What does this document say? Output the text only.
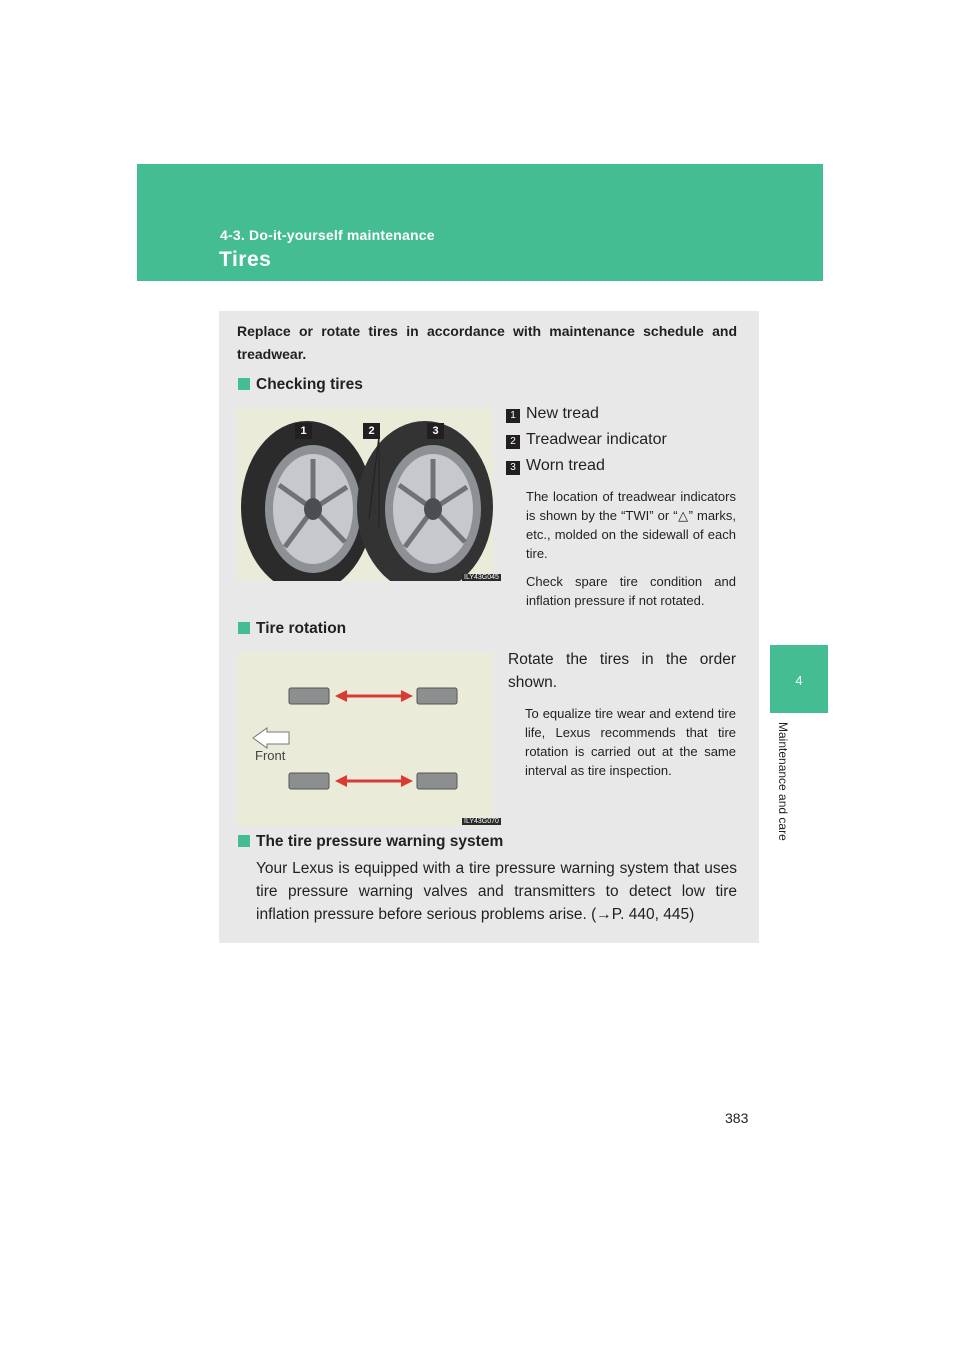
4-3. Do-it-yourself maintenance
Tires
4
Maintenance and care
Replace or rotate tires in accordance with maintenance schedule and treadwear.
Checking tires
1	2	3
ILY43G045
1 New tread
2 Treadwear indicator
3 Worn tread
The location of treadwear indicators is shown by the “TWI” or “△” marks, etc., molded on the sidewall of each tire.
Check spare tire condition and inflation pressure if not rotated.
Tire rotation
Front
ILY43G070
Rotate the tires in the order shown.
To equalize tire wear and extend tire life, Lexus recommends that tire rotation is carried out at the same interval as tire inspection.
The tire pressure warning system
Your Lexus is equipped with a tire pressure warning system that uses tire pressure warning valves and transmitters to detect low tire inflation pressure before serious problems arise. (→P. 440, 445)
383
